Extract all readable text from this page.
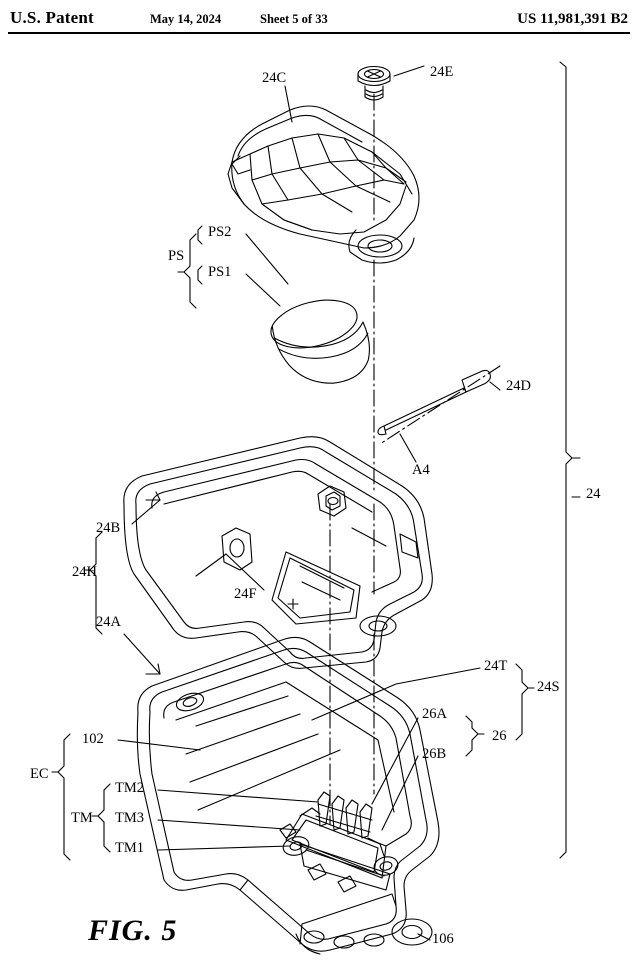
U.S. Patent	May 14, 2024	Sheet 5 of 33	US 11,981,391 B2
24C	24E
PS
PS2
PS1
24D
A4
24
24B
24H
24F
24A
24T
24S
26A
26
26B
102
EC
TM2
TM TM3
TM1
106
FIG. 5
